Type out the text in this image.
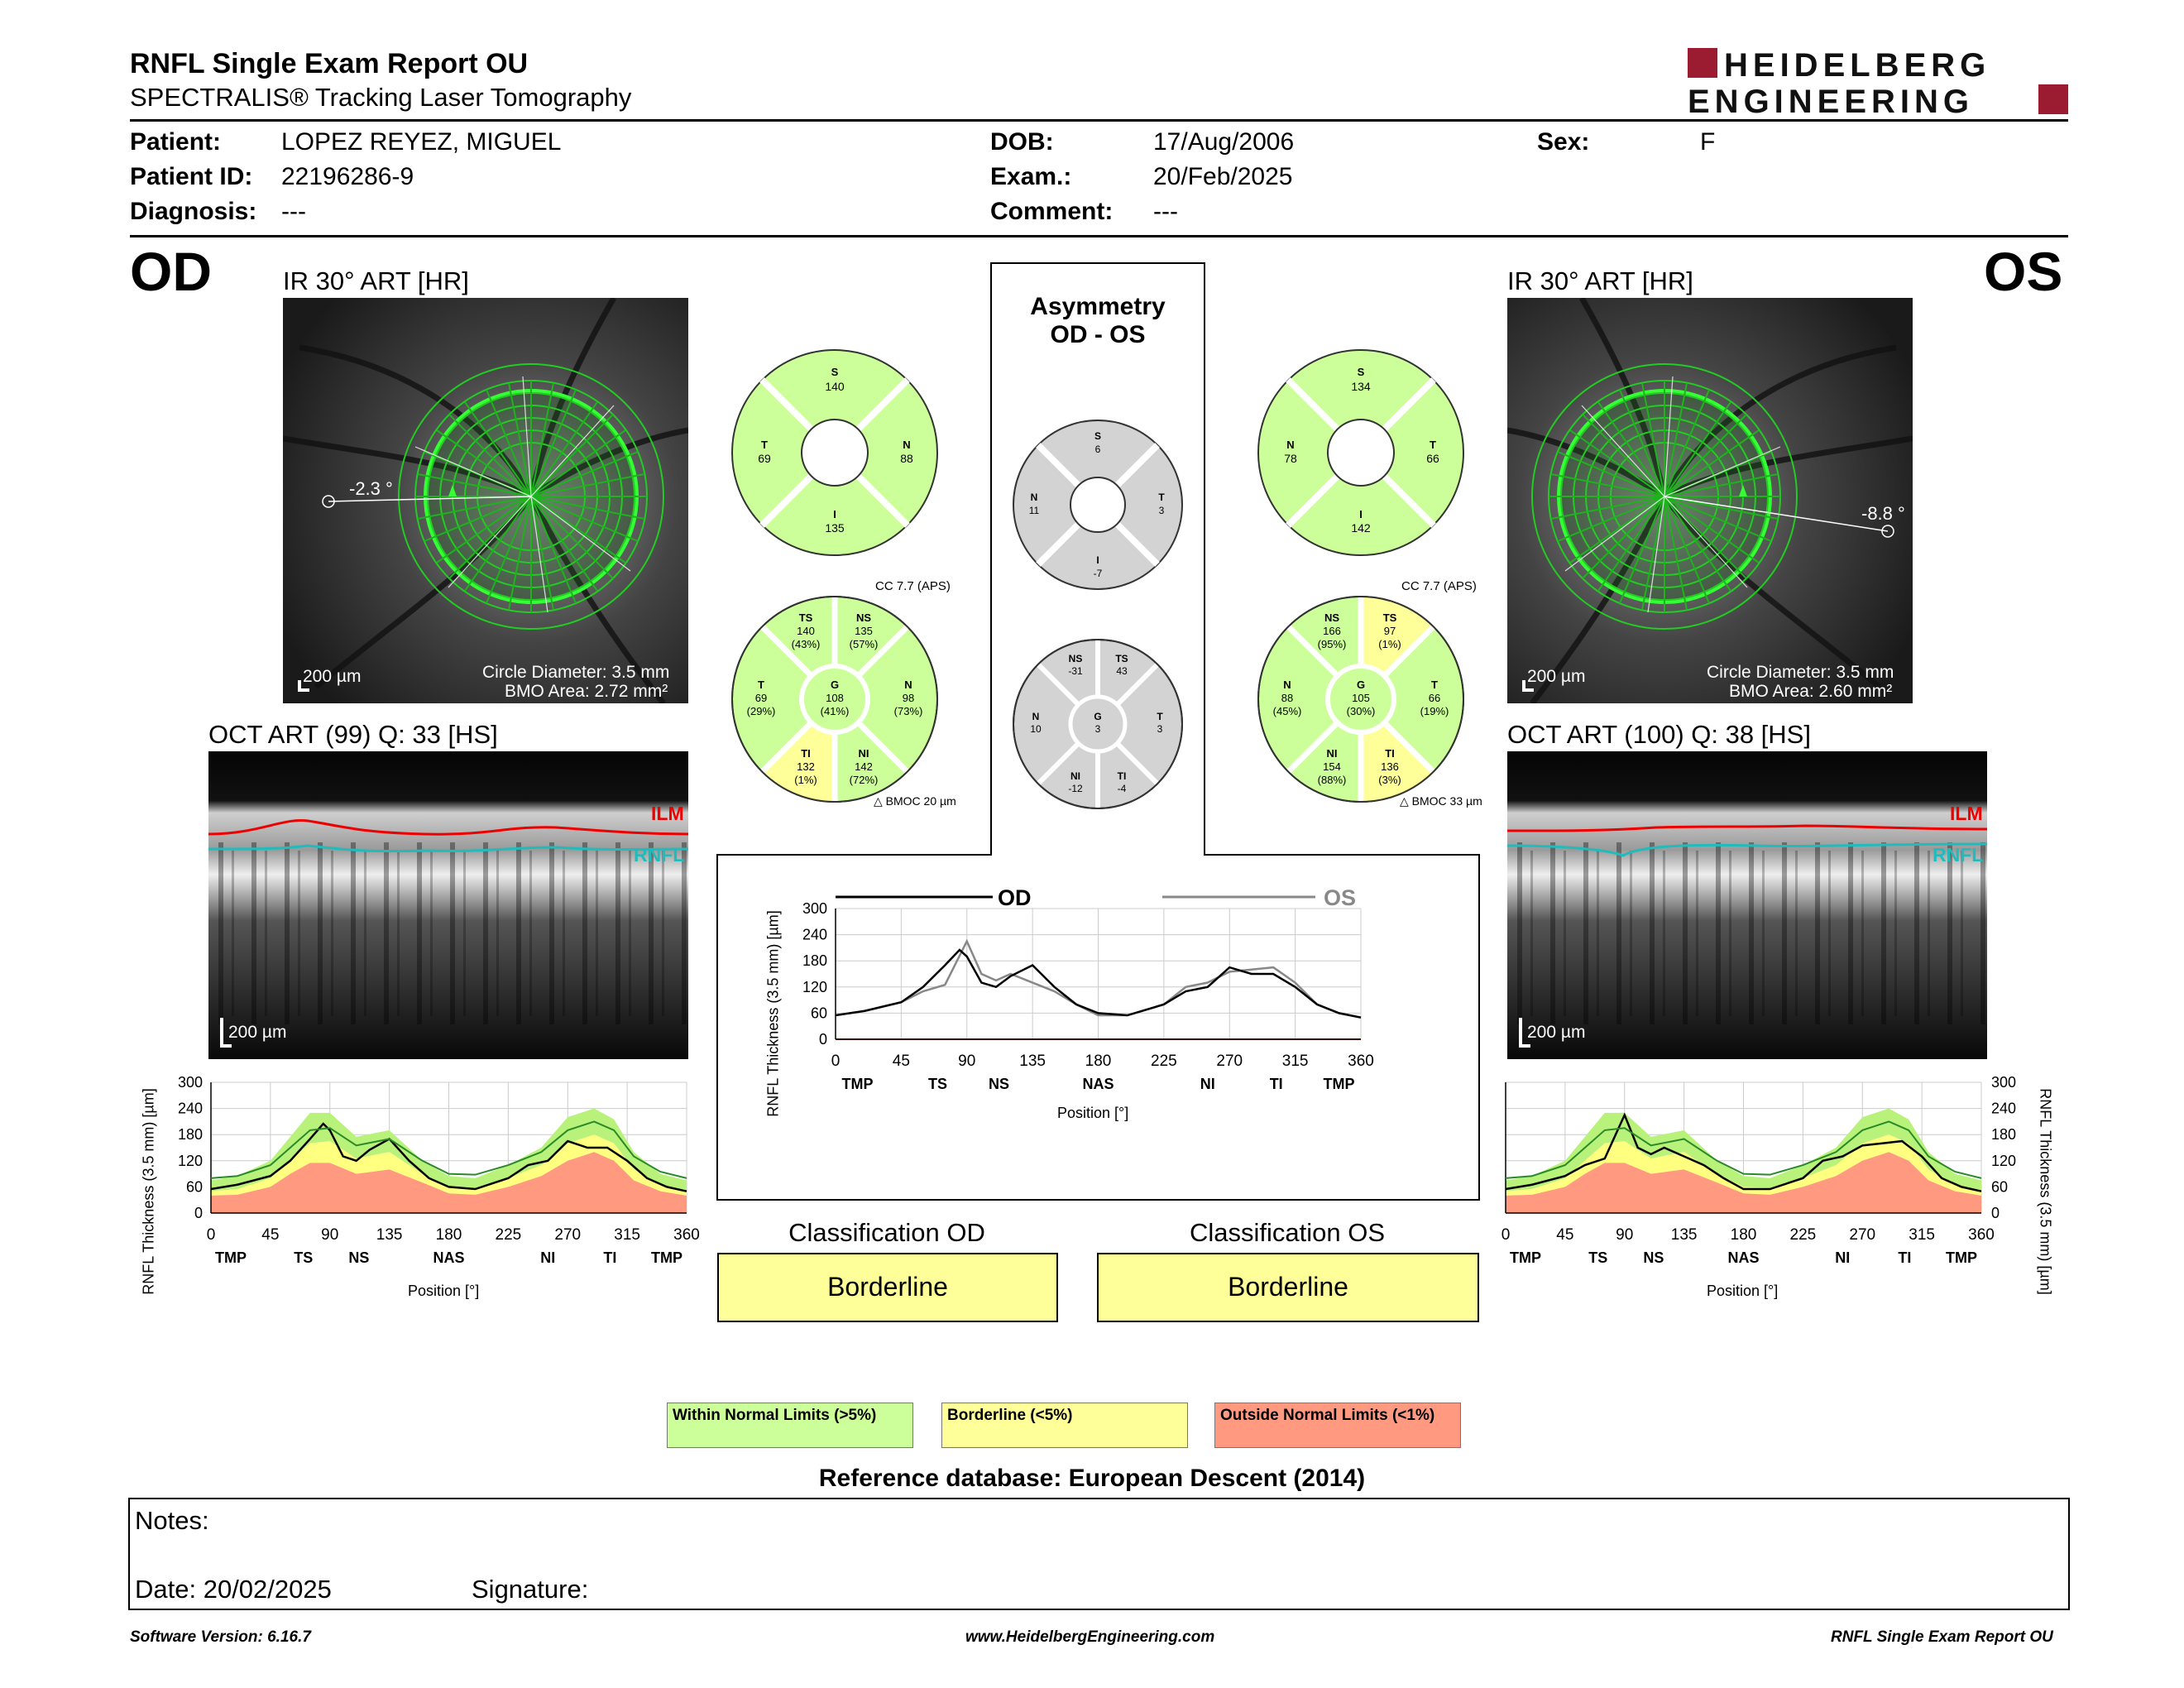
RNFL Single Exam Report OU
SPECTRALIS® Tracking Laser Tomography
HEIDELBERG
ENGINEERING
Patient: LOPEZ REYEZ, MIGUEL
Patient ID: 22196286-9
Diagnosis: ---
DOB:	17/Aug/2006
Exam.:	20/Feb/2025
Comment: ---
Sex:	F
OD	OS
IR 30° ART [HR]
-2.3 °
200 µm	Circle Diameter: 3.5 mm
BMO Area: 2.72 mm²
IR 30° ART [HR]
-8.8 °
200 µm	Circle Diameter: 3.5 mm
BMO Area: 2.60 mm²
OCT ART (99) Q: 33 [HS]
ILM
RNFL
200 µm
OCT ART (100) Q: 38 [HS]
ILM
RNFL
200 µm
Asymmetry
OD - OS
S
140
T
69
N
88
I
135
S
134
N
78
T
66
I
142
S
6
N
11
T
3
I
-7
CC 7.7 (APS)
TS
140
(43%)
NS
135
(57%)
T
69
(29%)
G
108
(41%)
N
98
(73%)
TI
132
(1%)
NI
142
(72%)
△ BMOC 20 µm
CC 7.7 (APS)
NS
166
(95%)
TS
97
(1%)
N
88
(45%)
G
105
(30%)
T
66
(19%)
NI
154
(88%)
TI
136
(3%)
△ BMOC 33 µm
NS
-31
TS
43
N
10
G
3
T
3
NI
-12
TI
-4
0
60
120
180
240
300
0	45	90	135	180	225	270	315	360
TMP	TS	NS	NAS	NI	TI	TMP
0
60
120
180
240
300
0	45	90 135 180 225 270 315 360
TMP	TS NS	NAS	NI	TI TMP
0
60
120
180
240
300
0	45	90 135 180 225 270 315 360
TMP	TS NS	NAS	NI	TI TMP
RNFL Thickness (3.5 mm) [µm]	RNFL Thickness (3.5 mm) [µm]
RNFL Thickness (3.5 mm) [µm]
Position [°]	Position [°]
Position [°]
OD	OS
Classification OD
Borderline
Classification OS
Borderline
Within Normal Limits (>5%)	Borderline (<5%)	Outside Normal Limits (<1%)
Reference database: European Descent (2014)
Notes:
Date: 20/02/2025	Signature:
Software Version: 6.16.7	www.HeidelbergEngineering.com	RNFL Single Exam Report OU
